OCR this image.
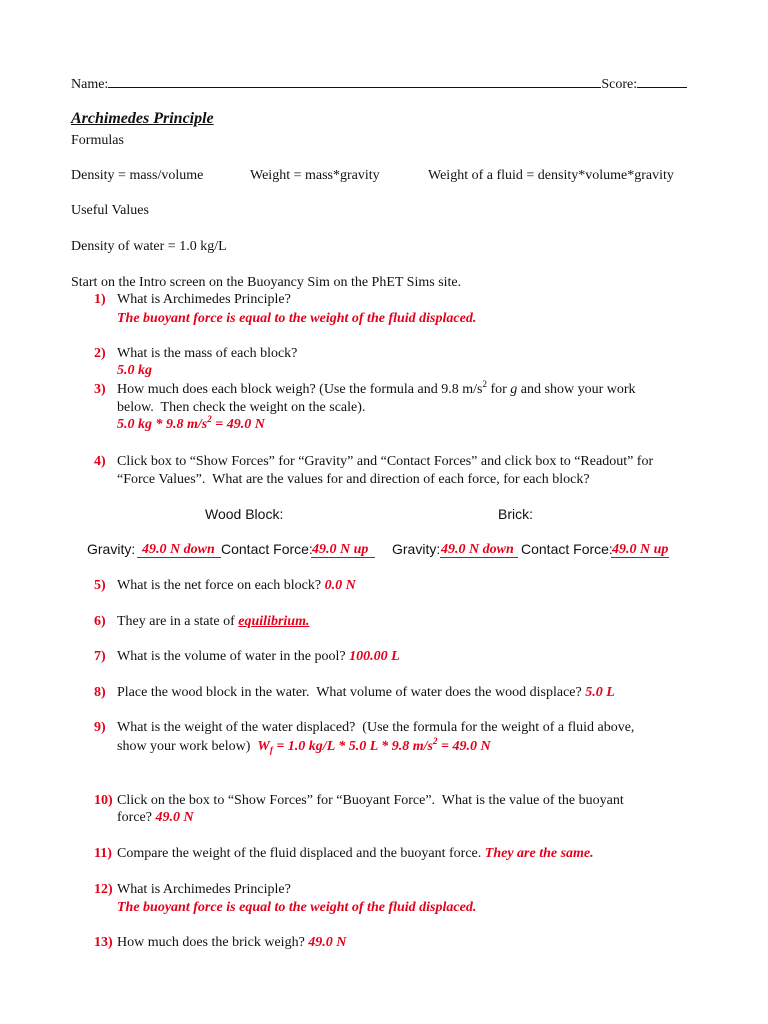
Name:	Score:
Archimedes Principle
Formulas
Density = mass/volume	Weight = mass*gravity	Weight of a fluid = density*volume*gravity
Useful Values
Density of water = 1.0 kg/L
Start on the Intro screen on the Buoyancy Sim on the PhET Sims site.
1) What is Archimedes Principle?
The buoyant force is equal to the weight of the fluid displaced.
2) What is the mass of each block?
5.0 kg
3) How much does each block weigh? (Use the formula and 9.8 $m/s^2$ for g and show your work
below.  Then check the weight on the scale).
5.0 kg * 9.8 $m/s^2 = 49.0$ N
4) Click box to “Show Forces” for “Gravity” and “Contact Forces” and click box to “Readout” for
“Force Values”.  What are the values for and direction of each force, for each block?
Wood Block:	Brick:
Gravity: 49.0 N down Contact Force: 49.0 N up	Gravity: 49.0 N down Contact Force: 49.0 N up
5) What is the net force on each block? 0.0 N
6) They are in a state of equilibrium.
7) What is the volume of water in the pool? 100.00 L
8) Place the wood block in the water.  What volume of water does the wood displace? 5.0 L
9) What is the weight of the water displaced?  (Use the formula for the weight of a fluid above,
show your work below)  $W_f = 1.0$ kg/L * 5.0 L * 9.8 $m/s^2 = 49.0$ N
10) Click on the box to “Show Forces” for “Buoyant Force”.  What is the value of the buoyant
force? 49.0 N
11) Compare the weight of the fluid displaced and the buoyant force. They are the same.
12) What is Archimedes Principle?
The buoyant force is equal to the weight of the fluid displaced.
13) How much does the brick weigh? 49.0 N
